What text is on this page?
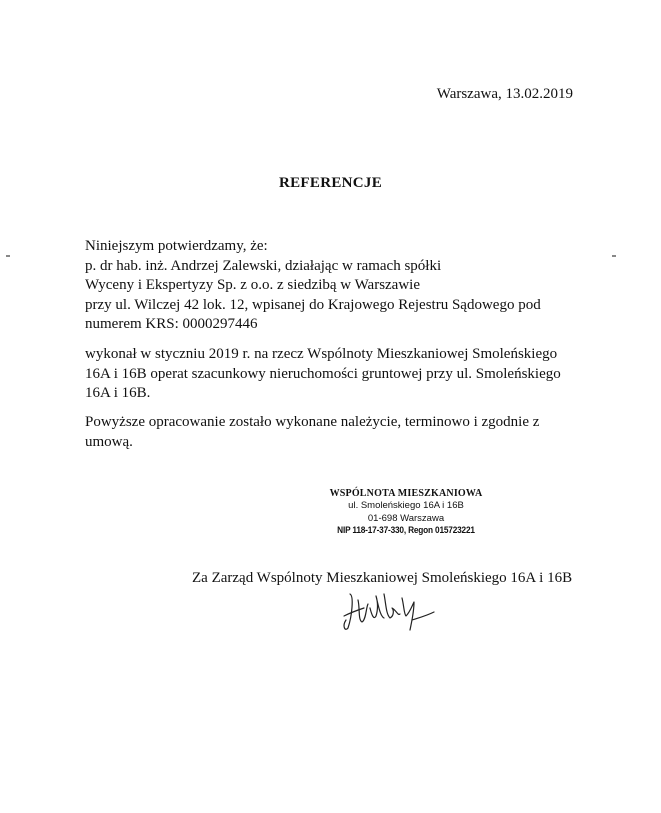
Warszawa, 13.02.2019
REFERENCJE
Niniejszym potwierdzamy, że:
p. dr hab. inż. Andrzej Zalewski, działając w ramach spółki
Wyceny i Ekspertyzy Sp. z o.o. z siedzibą w Warszawie
przy ul. Wilczej 42 lok. 12, wpisanej do Krajowego Rejestru Sądowego pod
numerem KRS: 0000297446
wykonał w styczniu 2019 r. na rzecz Wspólnoty Mieszkaniowej Smoleńskiego
16A i 16B operat szacunkowy nieruchomości gruntowej przy ul. Smoleńskiego
16A i 16B.
Powyższe opracowanie zostało wykonane należycie, terminowo i zgodnie z
umową.
WSPÓLNOTA MIESZKANIOWA
ul. Smoleńskiego 16A i 16B
01-698 Warszawa
NIP 118-17-37-330, Regon 015723221
Za Zarząd Wspólnoty Mieszkaniowej Smoleńskiego 16A i 16B
